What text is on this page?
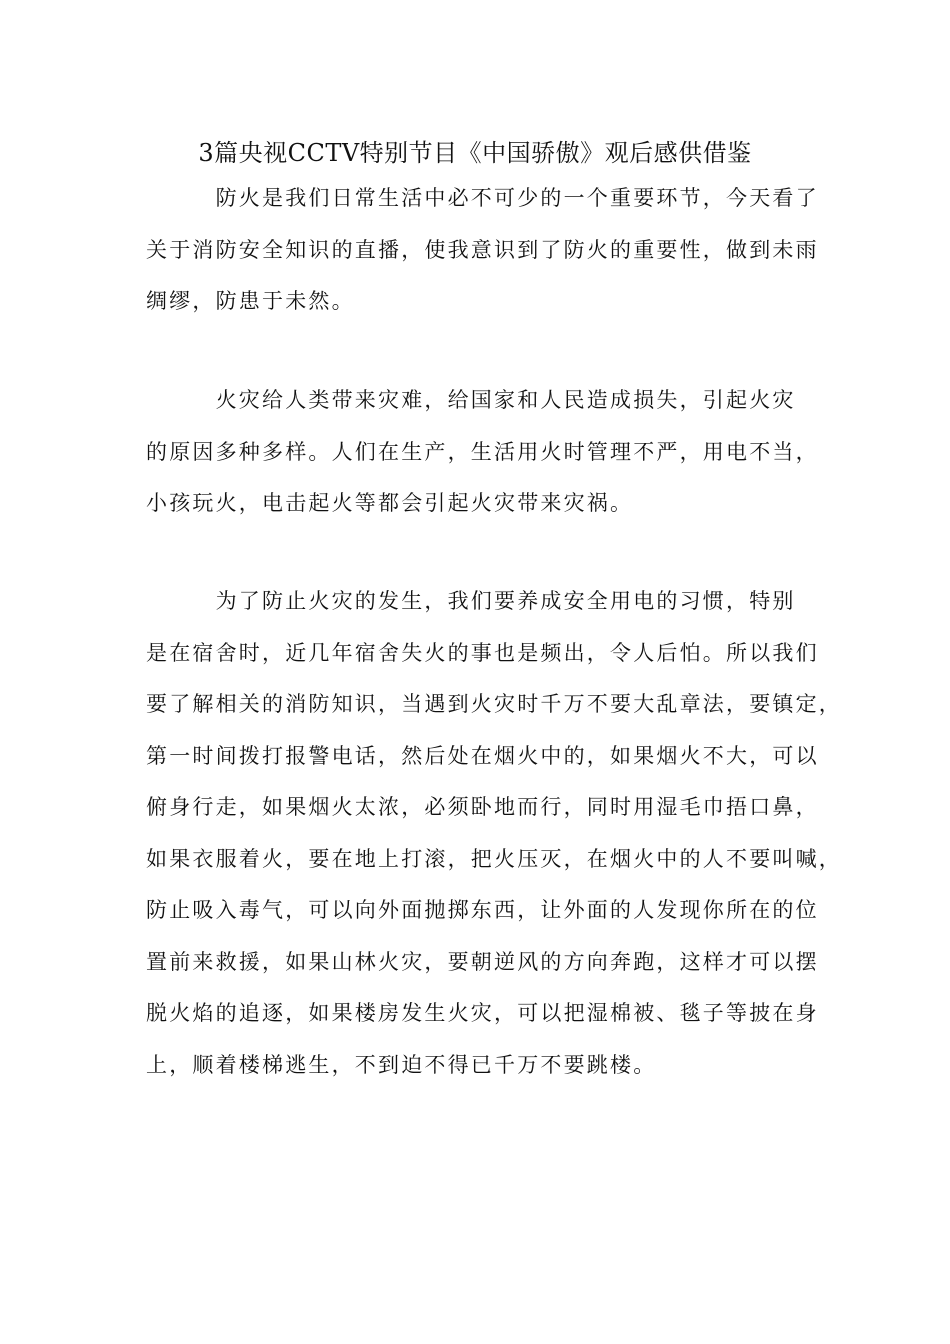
3篇央视CCTV特别节目《中国骄傲》观后感供借鉴

　　　防火是我们日常生活中必不可少的一个重要环节，今天看了
关于消防安全知识的直播，使我意识到了防火的重要性，做到未雨
绸缪，防患于未然。

　　　火灾给人类带来灾难，给国家和人民造成损失，引起火灾
的原因多种多样。人们在生产，生活用火时管理不严，用电不当，
小孩玩火，电击起火等都会引起火灾带来灾祸。

　　　为了防止火灾的发生，我们要养成安全用电的习惯，特别
是在宿舍时，近几年宿舍失火的事也是频出，令人后怕。所以我们
要了解相关的消防知识，当遇到火灾时千万不要大乱章法，要镇定，
第一时间拨打报警电话，然后处在烟火中的，如果烟火不大，可以
俯身行走，如果烟火太浓，必须卧地而行，同时用湿毛巾捂口鼻，
如果衣服着火，要在地上打滚，把火压灭，在烟火中的人不要叫喊，
防止吸入毒气，可以向外面抛掷东西，让外面的人发现你所在的位
置前来救援，如果山林火灾，要朝逆风的方向奔跑，这样才可以摆
脱火焰的追逐，如果楼房发生火灾，可以把湿棉被、毯子等披在身
上，顺着楼梯逃生，不到迫不得已千万不要跳楼。
